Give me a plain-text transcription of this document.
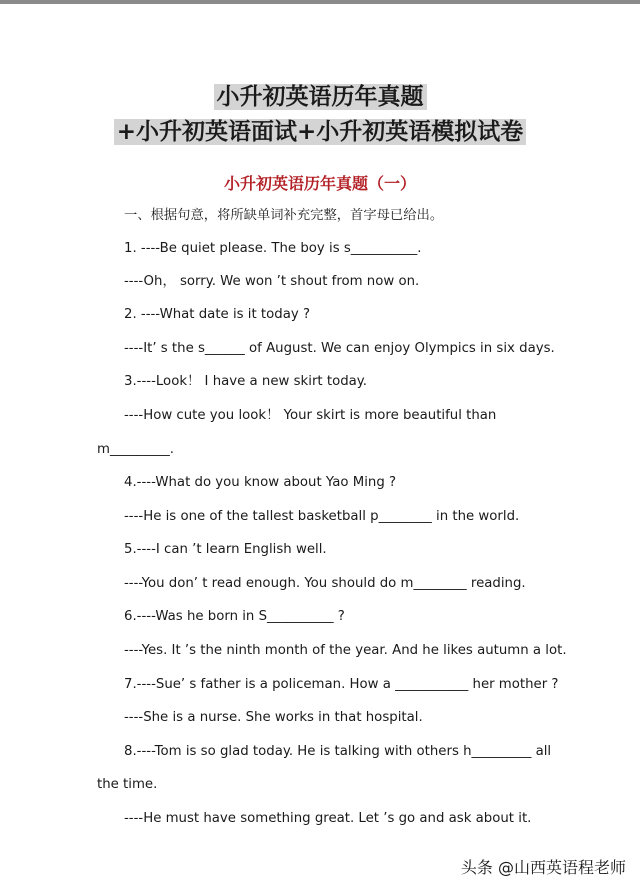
小升初英语历年真题
+小升初英语面试+小升初英语模拟试卷
小升初英语历年真题（一）
一、根据句意，将所缺单词补充完整，首字母已给出。
1. ----Be quiet please. The boy is s__________.
----Oh， sorry. We won ’t shout from now on.
2. ----What date is it today ?
----It’ s the s______ of August. We can enjoy Olympics in six days.
3.----Look！ I have a new skirt today.
----How cute you look！ Your skirt is more beautiful than
m_________.
4.----What do you know about Yao Ming ?
----He is one of the tallest basketball p________ in the world.
5.----I can ’t learn English well.
----You don’ t read enough. You should do m________ reading.
6.----Was he born in S__________ ?
----Yes. It ’s the ninth month of the year. And he likes autumn a lot.
7.----Sue’ s father is a policeman. How a ___________ her mother ?
----She is a nurse. She works in that hospital.
8.----Tom is so glad today. He is talking with others h_________ all
the time.
----He must have something great. Let ’s go and ask about it.
头条 @山西英语程老师
